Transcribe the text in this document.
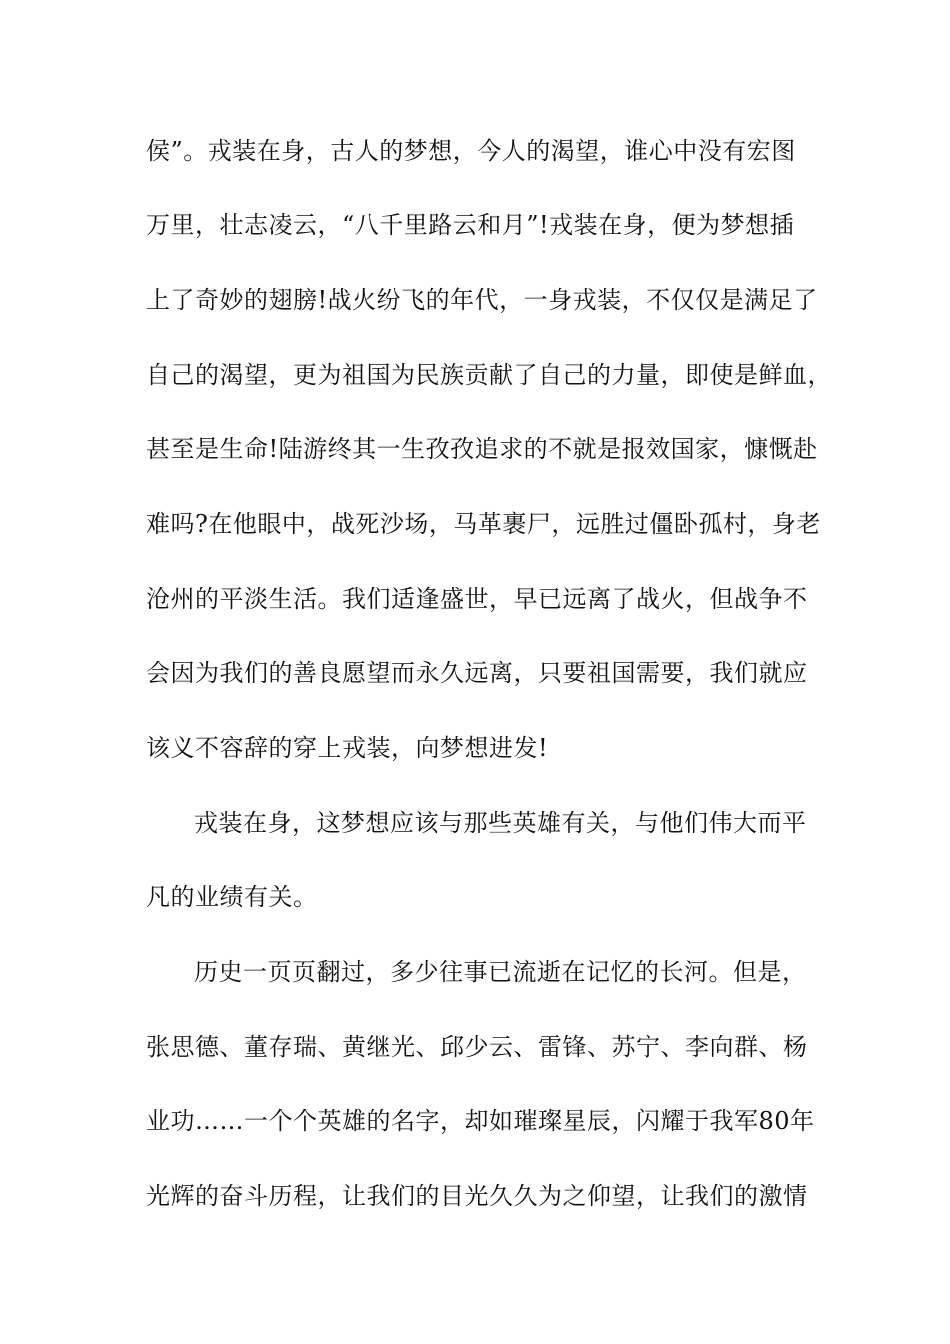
侯”。戎装在身，古人的梦想，今人的渴望，谁心中没有宏图
万里，壮志凌云，“八千里路云和月”!戎装在身，便为梦想插
上了奇妙的翅膀!战火纷飞的年代，一身戎装，不仅仅是满足了
自己的渴望，更为祖国为民族贡献了自己的力量，即使是鲜血，
甚至是生命!陆游终其一生孜孜追求的不就是报效国家，慷慨赴
难吗?在他眼中，战死沙场，马革裹尸，远胜过僵卧孤村，身老
沧州的平淡生活。我们适逢盛世，早已远离了战火，但战争不
会因为我们的善良愿望而永久远离，只要祖国需要，我们就应
该义不容辞的穿上戎装，向梦想进发!
戎装在身，这梦想应该与那些英雄有关，与他们伟大而平
凡的业绩有关。
历史一页页翻过，多少往事已流逝在记忆的长河。但是，
张思德、董存瑞、黄继光、邱少云、雷锋、苏宁、李向群、杨
业功……一个个英雄的名字，却如璀璨星辰，闪耀于我军80年
光辉的奋斗历程，让我们的目光久久为之仰望，让我们的激情
